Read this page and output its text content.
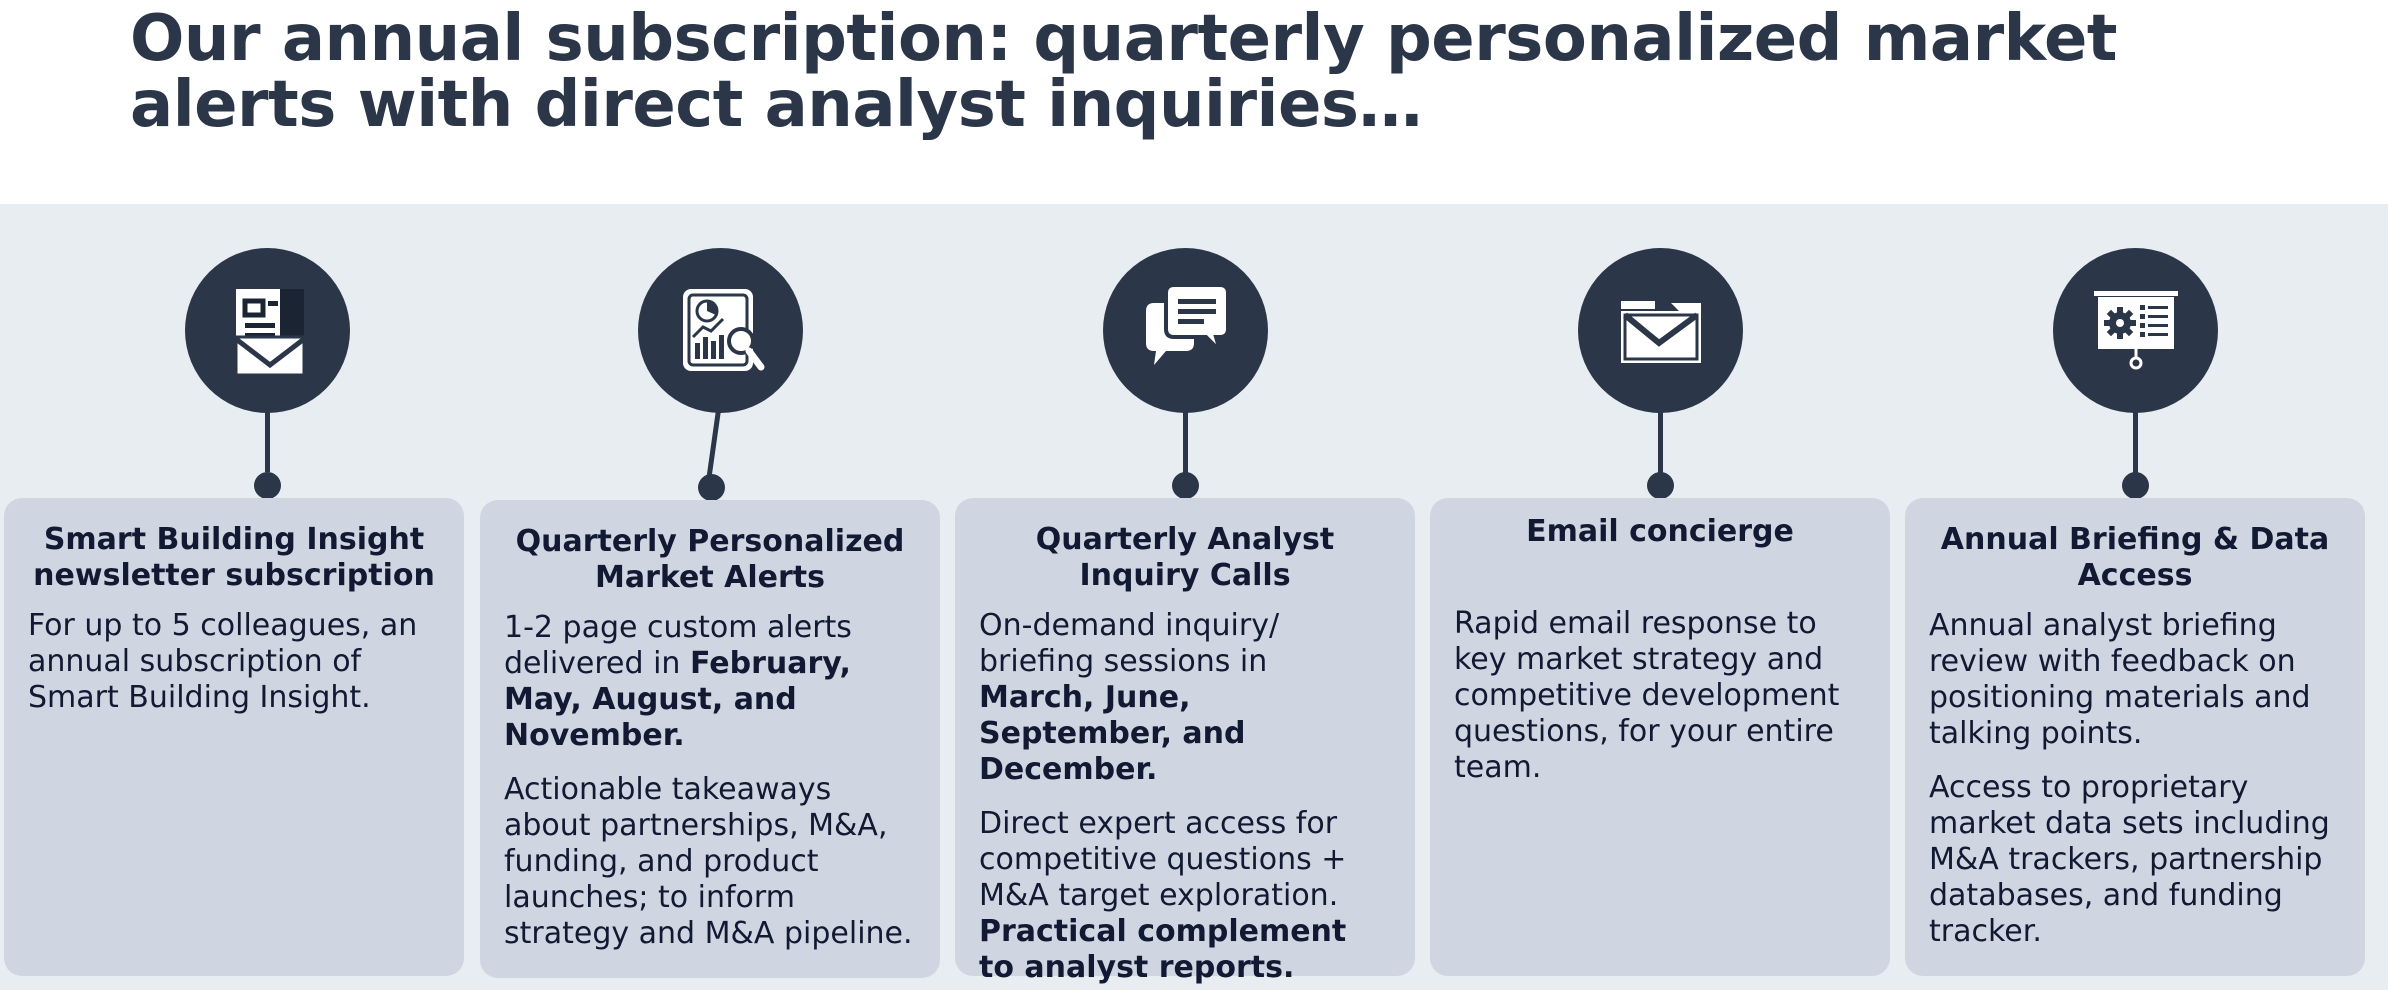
Our annual subscription: quarterly personalized market alerts with direct analyst inquiries…
Smart Building Insight newsletter subscription

For up to 5 colleagues, an annual subscription of Smart Building Insight.

Quarterly Personalized Market Alerts

1-2 page custom alerts delivered in February, May, August, and November.

Actionable takeaways about partnerships, M&A, funding, and product launches; to inform strategy and M&A pipeline.

Quarterly Analyst Inquiry Calls

On-demand inquiry/ briefing sessions in March, June, September, and December.

Direct expert access for competitive questions + M&A target exploration. Practical complement to analyst reports.

Email concierge

Rapid email response to key market strategy and competitive development questions, for your entire team.

Annual Briefing & Data Access

Annual analyst briefing review with feedback on positioning materials and talking points.

Access to proprietary market data sets including M&A trackers, partnership databases, and funding tracker.
